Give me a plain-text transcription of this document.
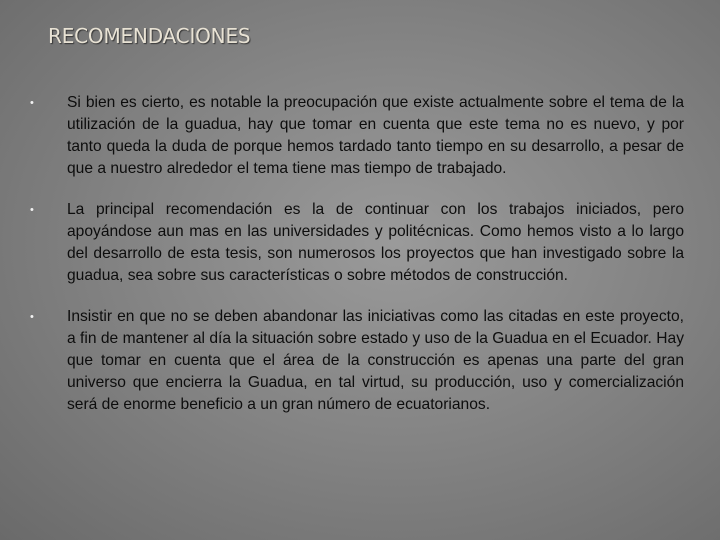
RECOMENDACIONES
• Si bien es cierto, es notable la preocupación que existe actualmente sobre el tema de la utilización de la guadua, hay que tomar en cuenta que este tema no es nuevo, y por tanto queda la duda de porque hemos tardado tanto tiempo en su desarrollo, a pesar de que a nuestro alrededor el tema tiene mas tiempo de trabajado.
• La principal recomendación es la de continuar con los trabajos iniciados, pero apoyándose aun mas en las universidades y politécnicas. Como hemos visto a lo largo del desarrollo de esta tesis, son numerosos los proyectos que han investigado sobre la guadua, sea sobre sus características o sobre métodos de construcción.
• Insistir en que no se deben abandonar las iniciativas como las citadas en este proyecto, a fin de mantener al día la situación sobre estado y uso de la Guadua en el Ecuador. Hay que tomar en cuenta que el área de la construcción es apenas una parte del gran universo que encierra la Guadua, en tal virtud, su producción, uso y comercialización será de enorme beneficio a un gran número de ecuatorianos.
